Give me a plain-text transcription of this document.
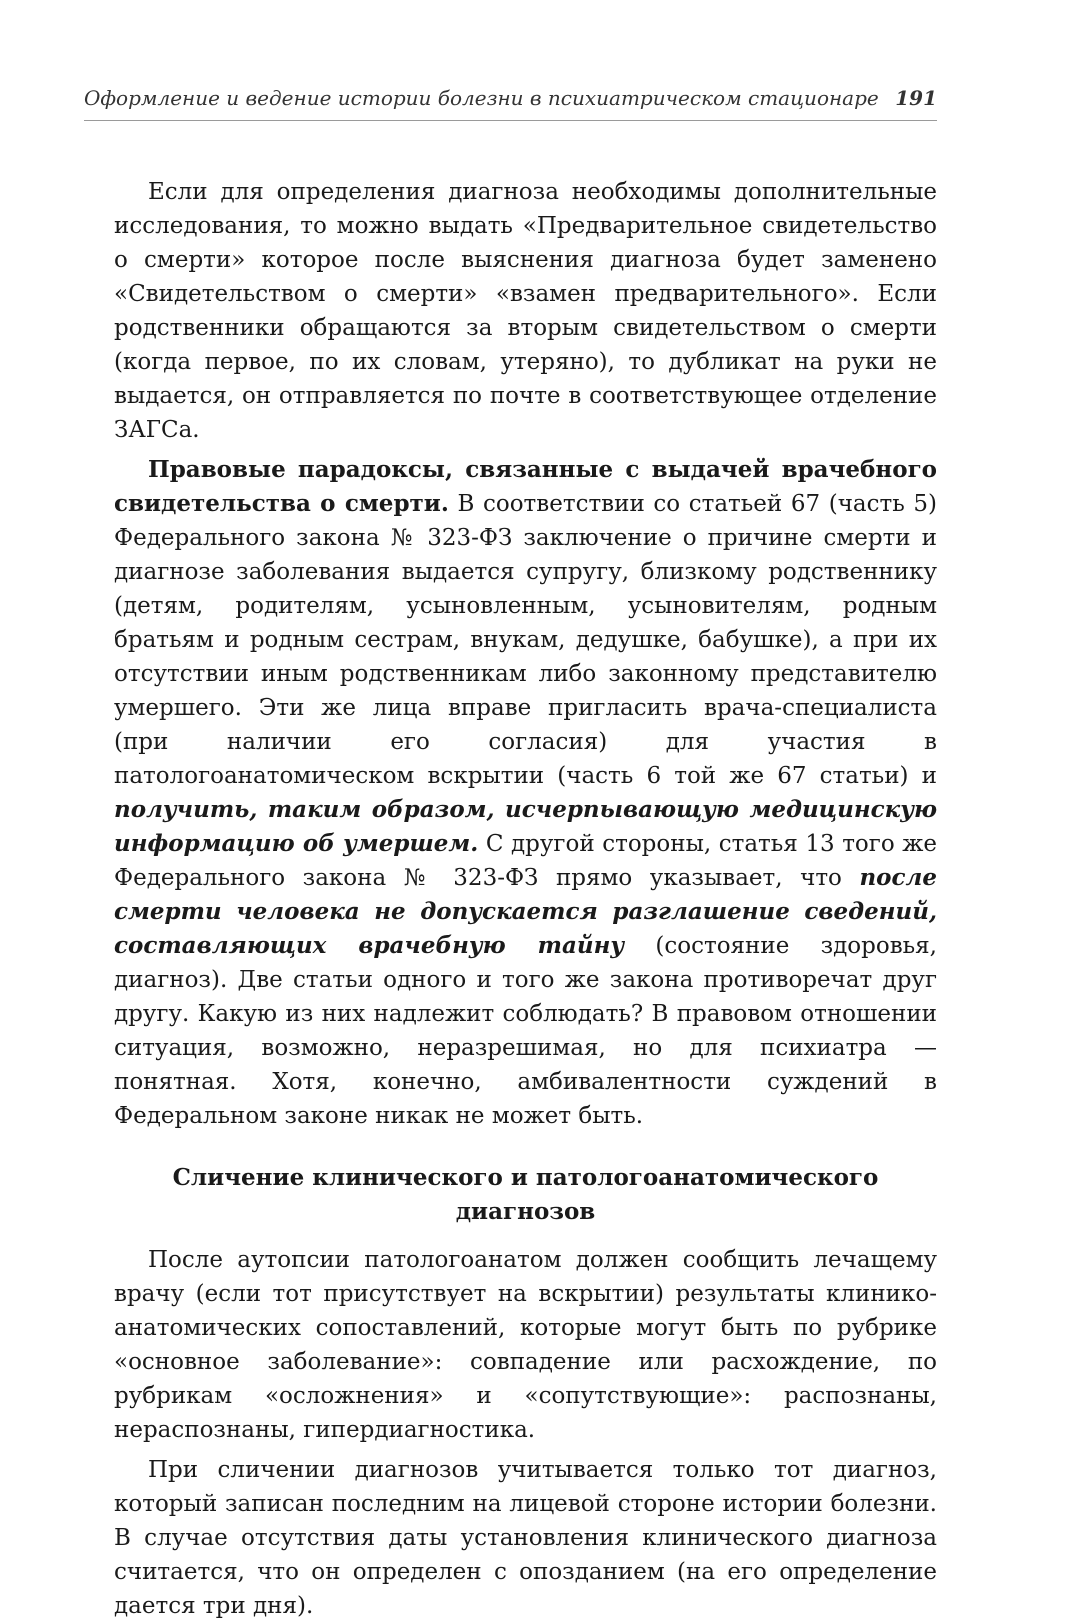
Оформление и ведение истории болезни в психиатрическом стационаре 191

Если для определения диагноза необходимы дополнительные исследования, то можно выдать «Предварительное свидетельство о смерти» которое после выяснения диагноза будет заменено «Свидетельством о смерти» «взамен предварительного». Если родственники обращаются за вторым свидетельством о смерти (когда первое, по их словам, утеряно), то дубликат на руки не выдается, он отправляется по почте в соответствующее отделение ЗАГСа.

Правовые парадоксы, связанные с выдачей врачебного свидетельства о смерти. В соответствии со статьей 67 (часть 5) Федерального закона № 323-ФЗ заключение о причине смерти и диагнозе заболевания выдается супругу, близкому родственнику (детям, родителям, усыновленным, усыновителям, родным братьям и родным сестрам, внукам, дедушке, бабушке), а при их отсутствии иным родственникам либо законному представителю умершего. Эти же лица вправе пригласить врача-специалиста (при наличии его согласия) для участия в патологоанатомическом вскрытии (часть 6 той же 67 статьи) и получить, таким образом, исчерпывающую медицинскую информацию об умершем. С другой стороны, статья 13 того же Федерального закона № 323-ФЗ прямо указывает, что после смерти человека не допускается разглашение сведений, составляющих врачебную тайну (состояние здоровья, диагноз). Две статьи одного и того же закона противоречат друг другу. Какую из них надлежит соблюдать? В правовом отношении ситуация, возможно, неразрешимая, но для психиатра — понятная. Хотя, конечно, амбивалентности суждений в Федеральном законе никак не может быть.

Сличение клинического и патологоанатомического
диагнозов

После аутопсии патологоанатом должен сообщить лечащему врачу (если тот присутствует на вскрытии) результаты клинико-анатомических сопоставлений, которые могут быть по рубрике «основное заболевание»: совпадение или расхождение, по рубрикам «осложнения» и «сопутствующие»: распознаны, нераспознаны, гипердиагностика.

При сличении диагнозов учитывается только тот диагноз, который записан последним на лицевой стороне истории болезни. В случае отсутствия даты установления клинического диагноза считается, что он определен с опозданием (на его определение дается три дня).
